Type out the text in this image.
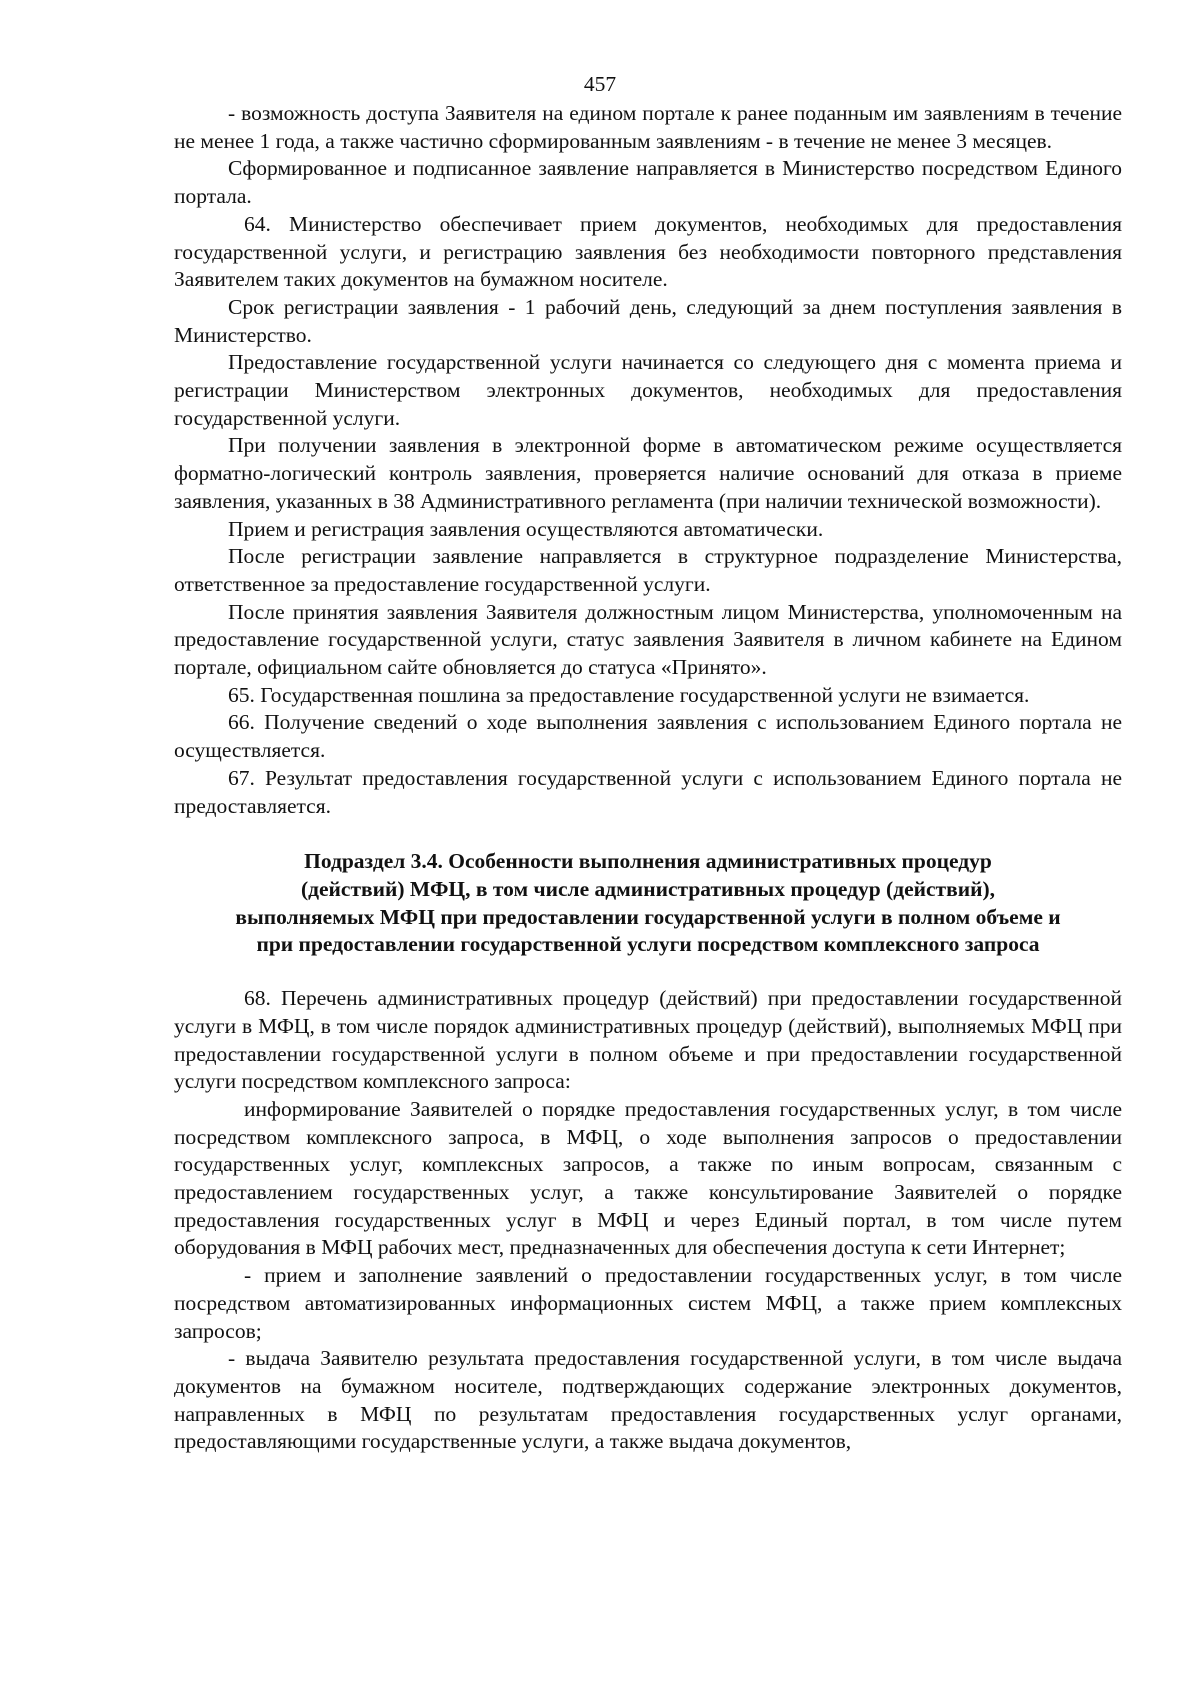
457

- возможность доступа Заявителя на едином портале к ранее поданным им заявлениям в течение не менее 1 года, а также частично сформированным заявлениям - в течение не менее 3 месяцев.

Сформированное и подписанное заявление направляется в Министерство посредством Единого портала.

64. Министерство обеспечивает прием документов, необходимых для предоставления государственной услуги, и регистрацию заявления без необходимости повторного представления Заявителем таких документов на бумажном носителе.

Срок регистрации заявления - 1 рабочий день, следующий за днем поступления заявления в Министерство.

Предоставление государственной услуги начинается со следующего дня с момента приема и регистрации Министерством электронных документов, необходимых для предоставления государственной услуги.

При получении заявления в электронной форме в автоматическом режиме осуществляется форматно-логический контроль заявления, проверяется наличие оснований для отказа в приеме заявления, указанных в 38 Административного регламента (при наличии технической возможности).

Прием и регистрация заявления осуществляются автоматически.

После регистрации заявление направляется в структурное подразделение Министерства, ответственное за предоставление государственной услуги.

После принятия заявления Заявителя должностным лицом Министерства, уполномоченным на предоставление государственной услуги, статус заявления Заявителя в личном кабинете на Едином портале, официальном сайте обновляется до статуса «Принято».

65. Государственная пошлина за предоставление государственной услуги не взимается.

66. Получение сведений о ходе выполнения заявления с использованием Единого портала не осуществляется.

67. Результат предоставления государственной услуги с использованием Единого портала не предоставляется.

Подраздел 3.4. Особенности выполнения административных процедур
(действий) МФЦ, в том числе административных процедур (действий),
выполняемых МФЦ при предоставлении государственной услуги в полном объеме и
при предоставлении государственной услуги посредством комплексного запроса

68. Перечень административных процедур (действий) при предоставлении государственной услуги в МФЦ, в том числе порядок административных процедур (действий), выполняемых МФЦ при предоставлении государственной услуги в полном объеме и при предоставлении государственной услуги посредством комплексного запроса:

информирование Заявителей о порядке предоставления государственных услуг, в том числе посредством комплексного запроса, в МФЦ, о ходе выполнения запросов о предоставлении государственных услуг, комплексных запросов, а также по иным вопросам, связанным с предоставлением государственных услуг, а также консультирование Заявителей о порядке предоставления государственных услуг в МФЦ и через Единый портал, в том числе путем оборудования в МФЦ рабочих мест, предназначенных для обеспечения доступа к сети Интернет;

- прием и заполнение заявлений о предоставлении государственных услуг, в том числе посредством автоматизированных информационных систем МФЦ, а также прием комплексных запросов;

- выдача Заявителю результата предоставления государственной услуги, в том числе выдача документов на бумажном носителе, подтверждающих содержание электронных документов, направленных в МФЦ по результатам предоставления государственных услуг органами, предоставляющими государственные услуги, а также выдача документов,
